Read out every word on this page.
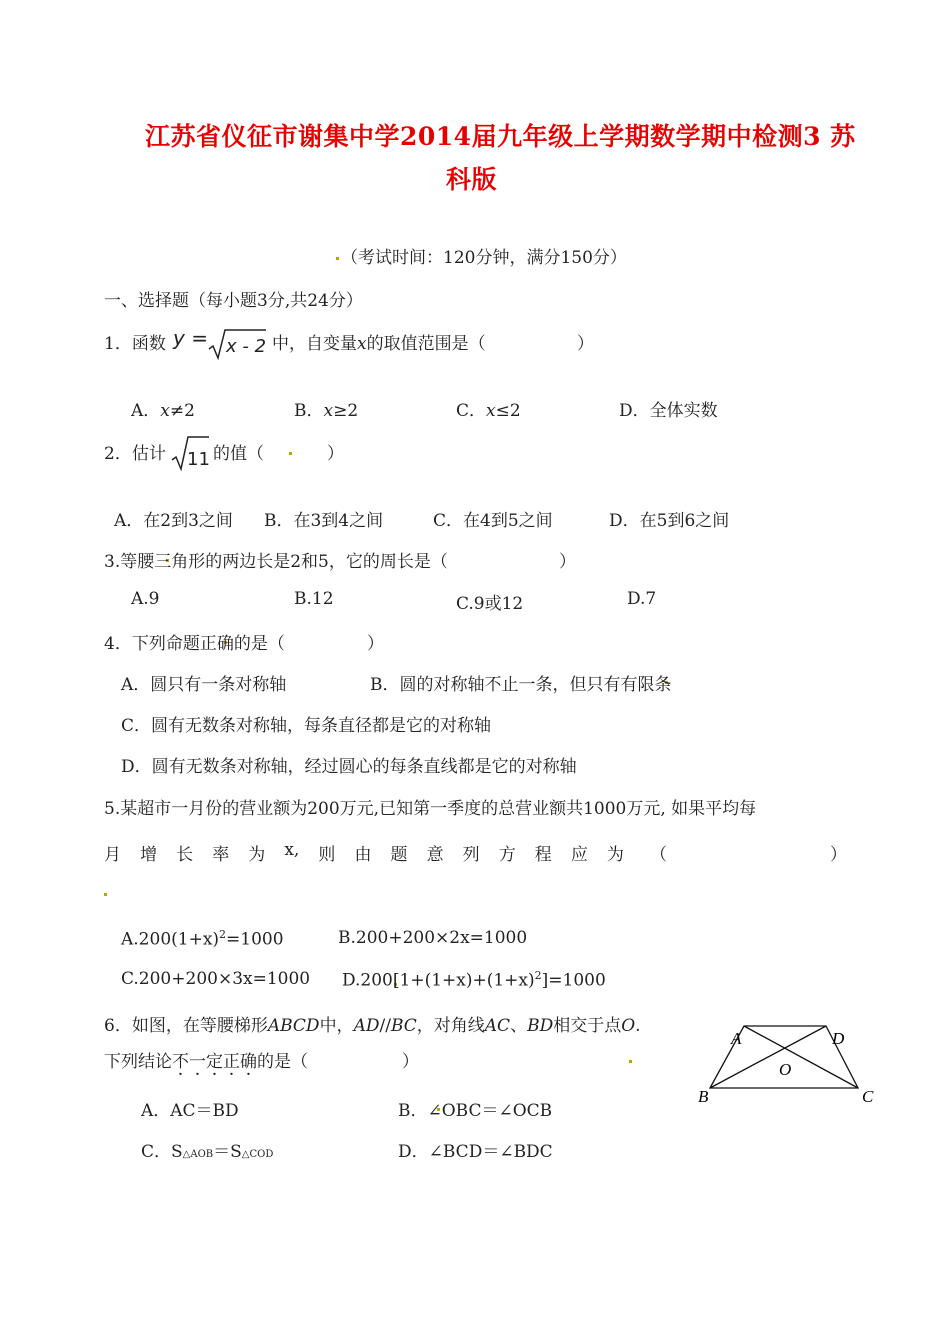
江苏省仪征市谢集中学2014届九年级上学期数学期中检测3 苏
科版
（考试时间：120分钟，满分150分）
一、选择题（每小题3分,共24分）
1．函数 y = x - 2 中，自变量x的取值范围是（	）
A．x≠2	B．x≥2	C．x≤2	D．全体实数
2．估计 11 的值（	）
A．在2到3之间 B．在3到4之间	C．在4到5之间	D．在5到6之间
3.等腰三角形的两边长是2和5，它的周长是（	）
A.9	B.12	C.9或12	D.7
4．下列命题正确的是（	）
A．圆只有一条对称轴	B．圆的对称轴不止一条，但只有有限条
C．圆有无数条对称轴，每条直径都是它的对称轴
D．圆有无数条对称轴，经过圆心的每条直线都是它的对称轴
5.某超市一月份的营业额为200万元,已知第一季度的总营业额共1000万元, 如果平均每
月 增 长 率 为 x, 则 由 题 意 列 方 程 应 为 （	）
$A.200(1+x)^2=1000$	B.200+200×2x=1000
C.200+200×3x=1000 $D.200[1+(1+x)+(1+x)^2]=1000$
6．如图，在等腰梯形ABCD中，AD//BC，对角线AC、BD相交于点O.
下列结论不一定正确的是（	）
A．AC＝BD	B．∠OBC＝∠OCB
C．S△AOB＝S△COD	D．∠BCD＝∠BDC
A	D
O
B	C
